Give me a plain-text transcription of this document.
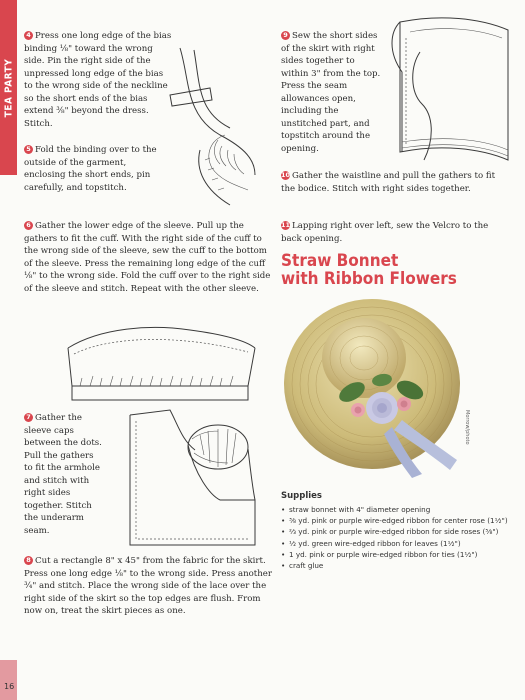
TEA PARTY
16
4 Press one long edge of the bias binding ¹⁄₈" toward the wrong side. Pin the right side of the unpressed long edge of the bias to the wrong side of the neckline so the short ends of the bias extend ³⁄₈" beyond the dress. Stitch.
5 Fold the binding over to the outside of the garment, enclosing the short ends, pin carefully, and topstitch.
6 Gather the lower edge of the sleeve. Pull up the gathers to fit the cuff. With the right side of the cuff to the wrong side of the sleeve, sew the cuff to the bottom of the sleeve. Press the remaining long edge of the cuff ¹⁄₈" to the wrong side. Fold the cuff over to the right side of the sleeve and stitch. Repeat with the other sleeve.
7 Gather the sleeve caps between the dots. Pull the gathers to fit the armhole and stitch with right sides together. Stitch the underarm seam.
8 Cut a rectangle 8" x 45" from the fabric for the skirt. Press one long edge ¹⁄₈" to the wrong side. Press another ³⁄₄" and stitch. Place the wrong side of the lace over the right side of the skirt so the top edges are flush. From now on, treat the skirt pieces as one.
9 Sew the short sides of the skirt with right sides together to within 3" from the top. Press the seam allowances open, including the unstitched part, and topstitch around the opening.
10 Gather the waistline and pull the gathers to fit the bodice. Stitch with right sides together.
11 Lapping right over left, sew the Velcro to the back opening.
Straw Bonnet
with Ribbon Flowers
Morrow/photo
Supplies
• straw bonnet with 4" diameter opening
• ³⁄₈ yd. pink or purple wire-edged ribbon for center rose (1¹⁄₂")
• ²⁄₃ yd. pink or purple wire-edged ribbon for side roses (⁵⁄₈")
• ¹⁄₂ yd. green wire-edged ribbon for leaves (1¹⁄₂")
• 1 yd. pink or purple wire-edged ribbon for ties (1¹⁄₂")
• craft glue
